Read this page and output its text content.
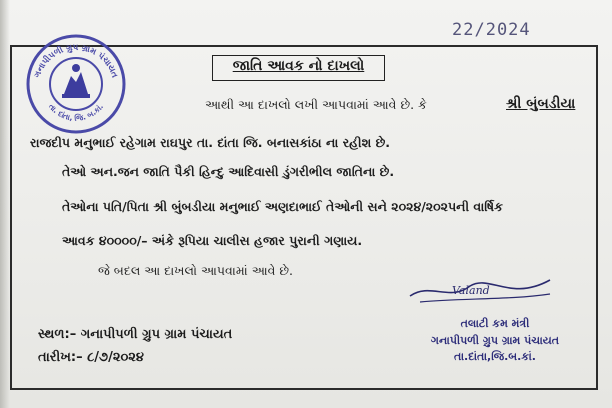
22/2024
ગનાપીપળી ગ્રુપ ગ્રામ પંચાયત
તા. દાંતા, જિ. બ.કાં.
જાતિ આવક નો દાખલો
આથી આ દાખલો લખી આપવામાં આવે છે. કે	શ્રી બુંબડીયા
રાજદીપ મનુભાઈ રહેગામ રાઘપુર તા. દાંતા જિ. બનાસકાંઠા ના રહીશ છે.
તેઓ અન.જન જાતિ પૈકી હિન્દુ આદિવાસી ડુંગરીભીલ જાતિના છે.
તેઓના પતિ/પિતા શ્રી બુંબડીયા મનુભાઈ અણદાભાઈ તેઓની સને ૨૦૨૪/૨૦૨૫ની વાર્ષિક
આવક ૪૦૦૦૦/– અંકે રૂપિયા ચાલીસ હજાર પુરાની ગણાય.
જે બદલ આ દાખલો આપવામાં આવે છે.
Valand
તલાટી કમ મંત્રી
ગનાપીપળી ગ્રુપ ગ્રામ પંચાયત
તા.દાંતા,જિ.બ.કાં.
સ્થળ:– ગનાપીપળી ગ્રુપ ગ્રામ પંચાયત
તારીખ:– ૮/૭/૨૦૨૪
